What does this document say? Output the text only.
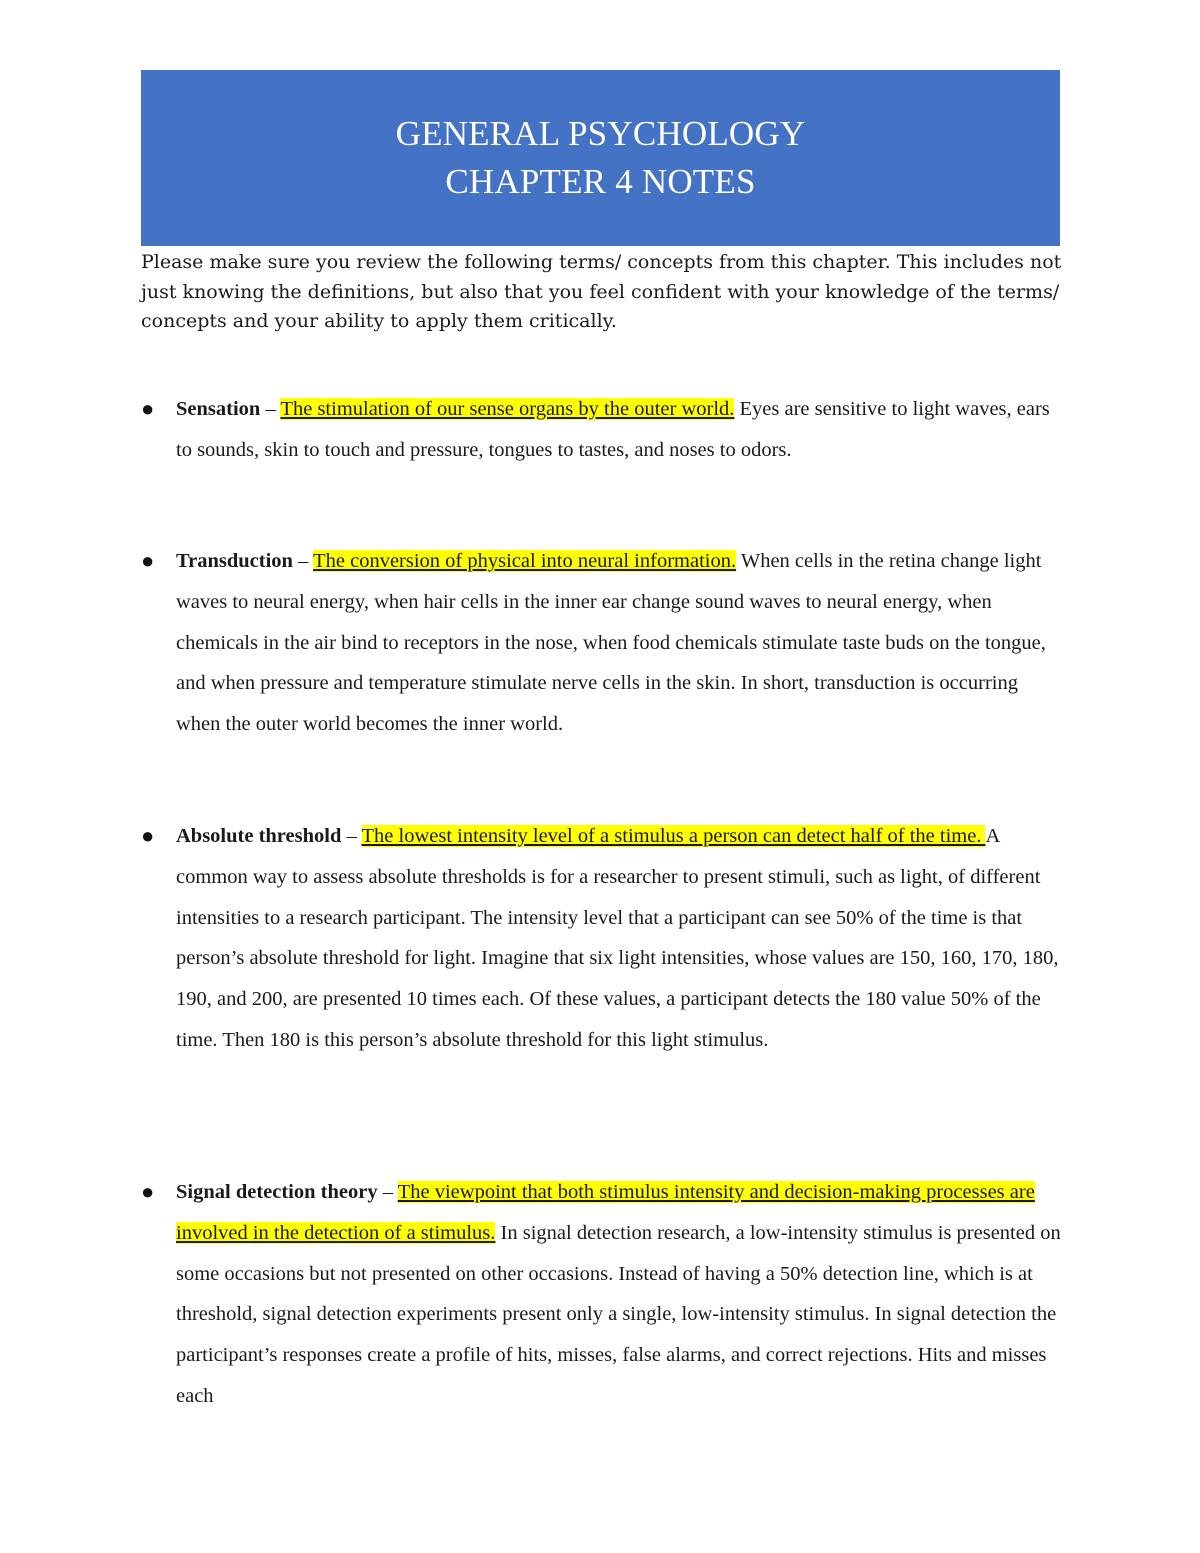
GENERAL PSYCHOLOGY
CHAPTER 4 NOTES
Please make sure you review the following terms/ concepts from this chapter. This includes not just knowing the definitions, but also that you feel confident with your knowledge of the terms/ concepts and your ability to apply them critically.
● Sensation – The stimulation of our sense organs by the outer world. Eyes are sensitive to light waves, ears to sounds, skin to touch and pressure, tongues to tastes, and noses to odors.
● Transduction – The conversion of physical into neural information. When cells in the retina change light waves to neural energy, when hair cells in the inner ear change sound waves to neural energy, when chemicals in the air bind to receptors in the nose, when food chemicals stimulate taste buds on the tongue, and when pressure and temperature stimulate nerve cells in the skin. In short, transduction is occurring when the outer world becomes the inner world.
● Absolute threshold – The lowest intensity level of a stimulus a person can detect half of the time. A common way to assess absolute thresholds is for a researcher to present stimuli, such as light, of different intensities to a research participant. The intensity level that a participant can see 50% of the time is that person’s absolute threshold for light. Imagine that six light intensities, whose values are 150, 160, 170, 180, 190, and 200, are presented 10 times each. Of these values, a participant detects the 180 value 50% of the time. Then 180 is this person’s absolute threshold for this light stimulus.
● Signal detection theory – The viewpoint that both stimulus intensity and decision-making processes are involved in the detection of a stimulus. In signal detection research, a low-intensity stimulus is presented on some occasions but not presented on other occasions. Instead of having a 50% detection line, which is at threshold, signal detection experiments present only a single, low-intensity stimulus. In signal detection the participant’s responses create a profile of hits, misses, false alarms, and correct rejections. Hits and misses each
